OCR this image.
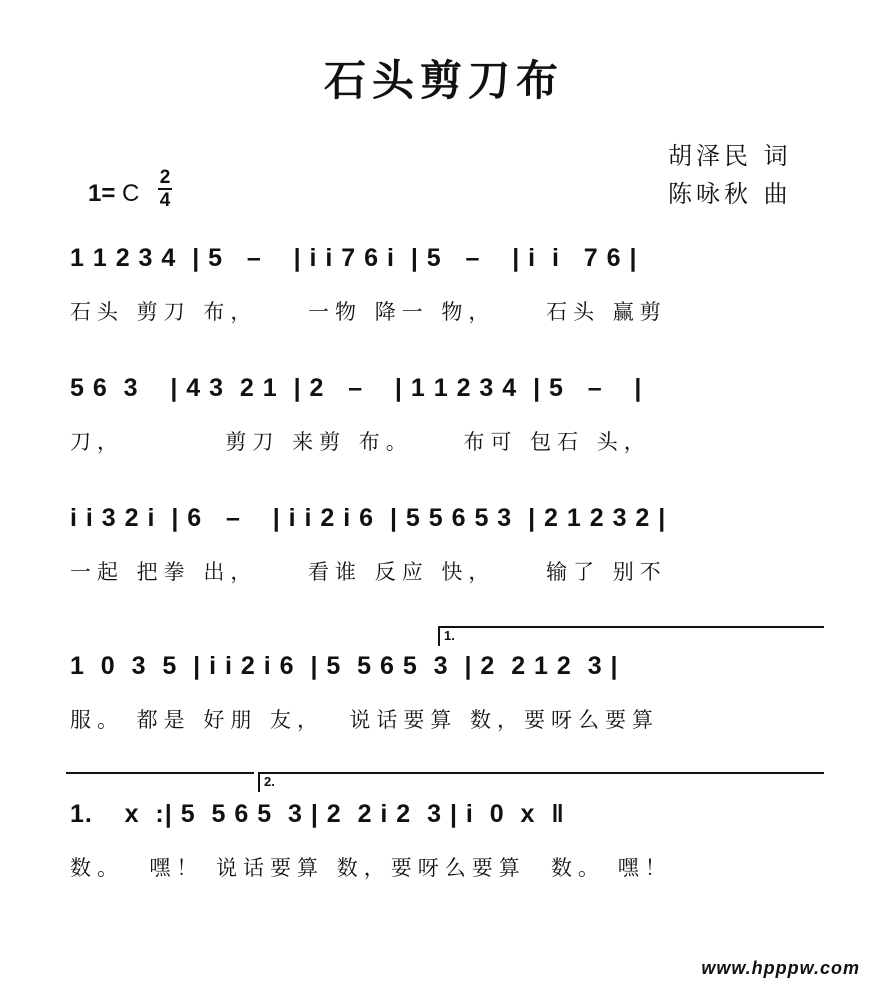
石头剪刀布
胡泽民 词
陈咏秋 曲
1= C
2
4
1 1 2 3 4  | 5   –    | i i 7 6 i  | 5   –    | i  i   7 6 |
石头 剪刀 布，    一物 降一 物，    石头 赢剪
5 6  3    | 4 3  2 1  | 2   –    | 1 1 2 3 4  | 5   –    |
刀，        剪刀 来剪 布。    布可 包石 头，
i i 3 2 i  | 6   –    | i i 2 i 6  | 5 5 6 5 3  | 2 1 2 3 2 |
一起 把拳 出，    看谁 反应 快，    输了 别不
1.
1  0  3  5  | i i 2 i 6  | 5  5 6 5  3  | 2  2 1 2  3 |
服。 都是 好朋 友，  说话要算 数，要呀么要算
2.
1.    x  :| 5  5 6 5  3 | 2  2 i 2  3 | i  0  x  ‖
数。  嘿！ 说话要算 数，要呀么要算  数。 嘿！
www.hpppw.com
